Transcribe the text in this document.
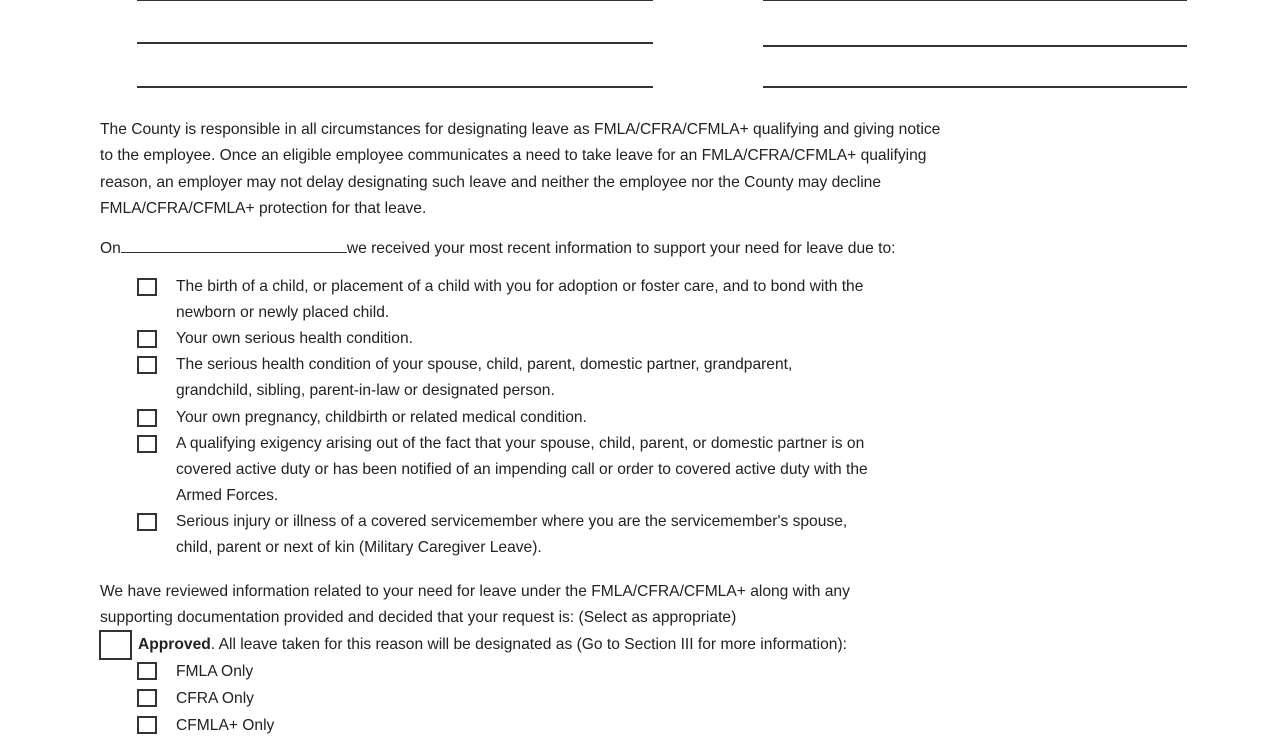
The County is responsible in all circumstances for designating leave as FMLA/CFRA/CFMLA+ qualifying and giving notice
to the employee. Once an eligible employee communicates a need to take leave for an FMLA/CFRA/CFMLA+ qualifying
reason, an employer may not delay designating such leave and neither the employee nor the County may decline
FMLA/CFRA/CFMLA+ protection for that leave.
On	we received your most recent information to support your need for leave due to:
The birth of a child, or placement of a child with you for adoption or foster care, and to bond with the
newborn or newly placed child.
Your own serious health condition.
The serious health condition of your spouse, child, parent, domestic partner, grandparent,
grandchild, sibling, parent-in-law or designated person.
Your own pregnancy, childbirth or related medical condition.
A qualifying exigency arising out of the fact that your spouse, child, parent, or domestic partner is on
covered active duty or has been notified of an impending call or order to covered active duty with the
Armed Forces.
Serious injury or illness of a covered servicemember where you are the servicemember's spouse,
child, parent or next of kin (Military Caregiver Leave).
We have reviewed information related to your need for leave under the FMLA/CFRA/CFMLA+ along with any
supporting documentation provided and decided that your request is: (Select as appropriate)
Approved. All leave taken for this reason will be designated as (Go to Section III for more information):
FMLA Only
CFRA Only
CFMLA+ Only
